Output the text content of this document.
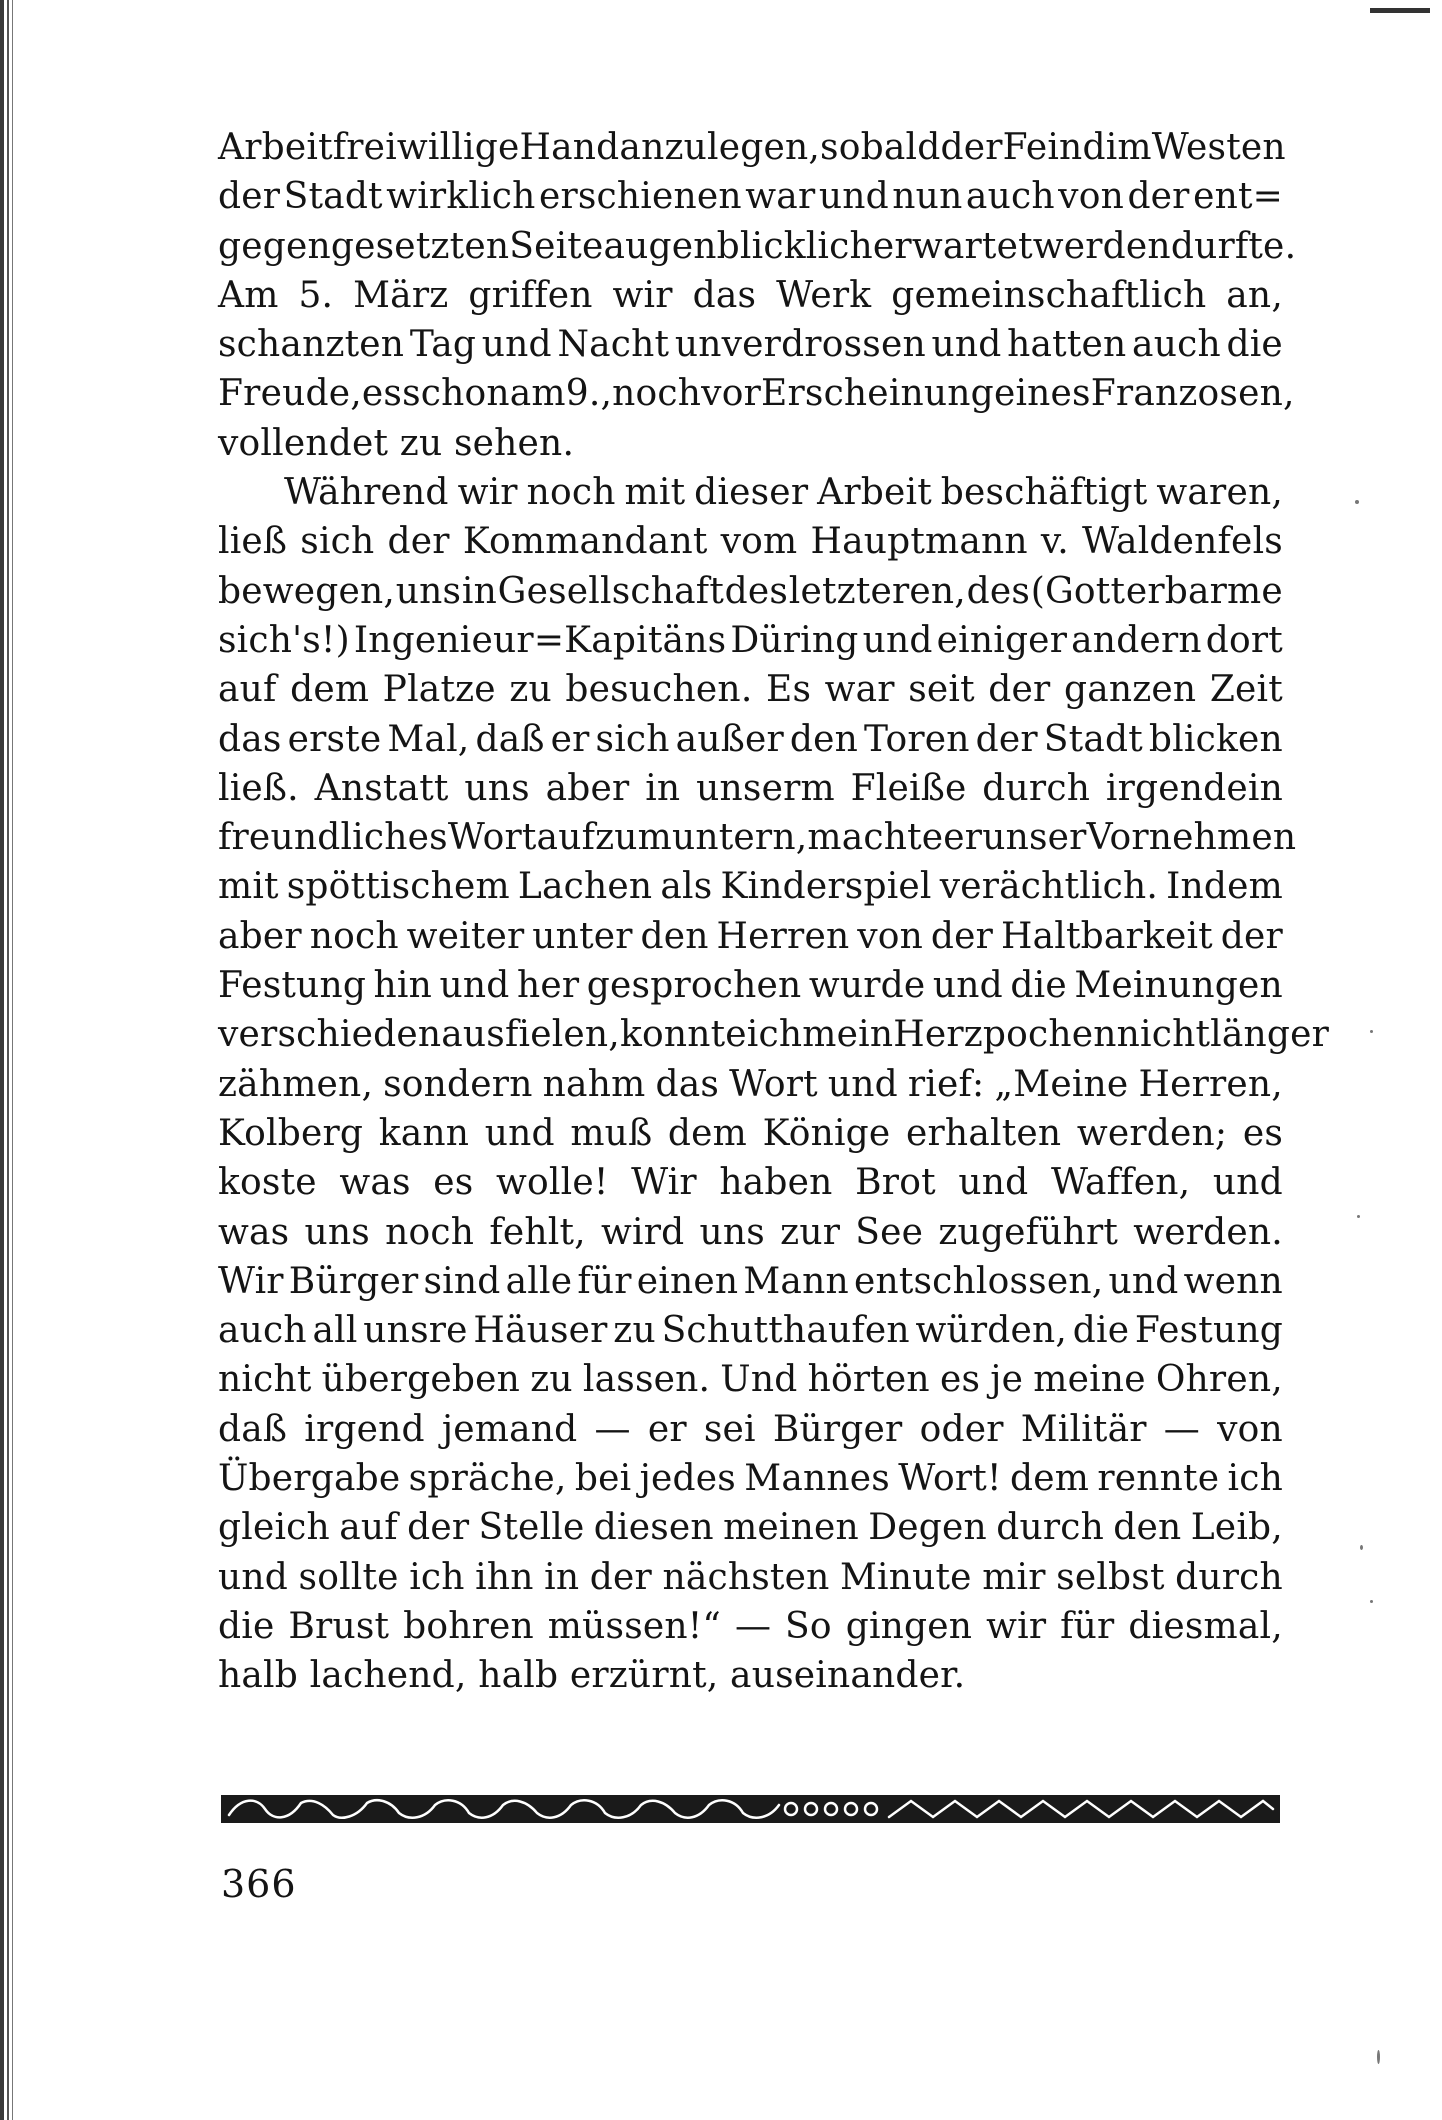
Arbeit freiwillige Hand anzulegen, sobald der Feind im Westen
der Stadt wirklich erschienen war und nun auch von der ent=
gegengesetzten Seite augenblicklich erwartet werden durfte.
Am 5. März griffen wir das Werk gemeinschaftlich an,
schanzten Tag und Nacht unverdrossen und hatten auch die
Freude, es schon am 9., noch vor Erscheinung eines Franzosen,
vollendet zu sehen.
Während wir noch mit dieser Arbeit beschäftigt waren,
ließ sich der Kommandant vom Hauptmann v. Waldenfels
bewegen, uns in Gesellschaft des letzteren, des (Gott erbarme
sich's!) Ingenieur=Kapitäns Düring und einiger andern dort
auf dem Platze zu besuchen. Es war seit der ganzen Zeit
das erste Mal, daß er sich außer den Toren der Stadt blicken
ließ. Anstatt uns aber in unserm Fleiße durch irgendein
freundliches Wort aufzumuntern, machte er unser Vornehmen
mit spöttischem Lachen als Kinderspiel verächtlich. Indem
aber noch weiter unter den Herren von der Haltbarkeit der
Festung hin und her gesprochen wurde und die Meinungen
verschieden ausfielen, konnte ich mein Herzpochen nicht länger
zähmen, sondern nahm das Wort und rief: „Meine Herren,
Kolberg kann und muß dem Könige erhalten werden; es
koste was es wolle! Wir haben Brot und Waffen, und
was uns noch fehlt, wird uns zur See zugeführt werden.
Wir Bürger sind alle für einen Mann entschlossen, und wenn
auch all unsre Häuser zu Schutthaufen würden, die Festung
nicht übergeben zu lassen. Und hörten es je meine Ohren,
daß irgend jemand — er sei Bürger oder Militär — von
Übergabe spräche, bei jedes Mannes Wort! dem rennte ich
gleich auf der Stelle diesen meinen Degen durch den Leib,
und sollte ich ihn in der nächsten Minute mir selbst durch
die Brust bohren müssen!“ — So gingen wir für diesmal,
halb lachend, halb erzürnt, auseinander.
366
